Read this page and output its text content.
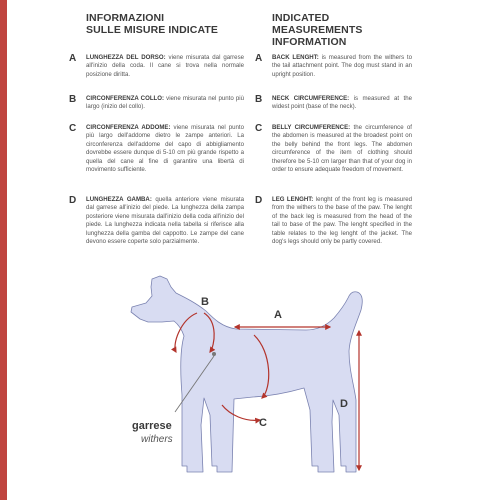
INFORMAZIONI
SULLE MISURE INDICATE
A LUNGHEZZA DEL DORSO: viene misurata dal garrese all'inizio della coda. Il cane si trova nella normale posizione diritta.
B CIRCONFERENZA COLLO: viene misurata nel punto più largo (inizio del collo).
C CIRCONFERENZA ADDOME: viene misurata nel punto più largo dell'addome dietro le zampe anteriori. La circonferenza dell'addome del capo di abbigliamento dovrebbe essere dunque di 5-10 cm più grande rispetto a quella del cane al fine di garantire una libertà di movimento sufficiente.
D LUNGHEZZA GAMBA: quella anteriore viene misurata dal garrese all'inizio del piede. La lunghezza della zampa posteriore viene misurata dall'inizio della coda all'inizio del piede. La lunghezza indicata nella tabella si riferisce alla lunghezza della gamba del cappotto. Le zampe del cane devono essere coperte solo parzialmente.
INDICATED MEASUREMENTS
INFORMATION
A BACK LENGHT: is measured from the withers to the tail attachment point. The dog must stand in an upright position.
B NECK CIRCUMFERENCE: is measured at the widest point (base of the neck).
C BELLY CIRCUMFERENCE: the circumference of the abdomen is measured at the broadest point on the belly behind the front legs. The abdomen circumference of the item of clothing should therefore be 5-10 cm larger than that of your dog in order to ensure adequate freedom of movement.
D LEG LENGHT: lenght of the front leg is measured from the withers to the base of the paw. The lenght of the back leg is measured from the head of the tail to base of the paw. The lenght specified in the table relates to the leg lenght of the jacket. The dog's legs should only be partly covered.
A
B
C
D
garrese
withers
